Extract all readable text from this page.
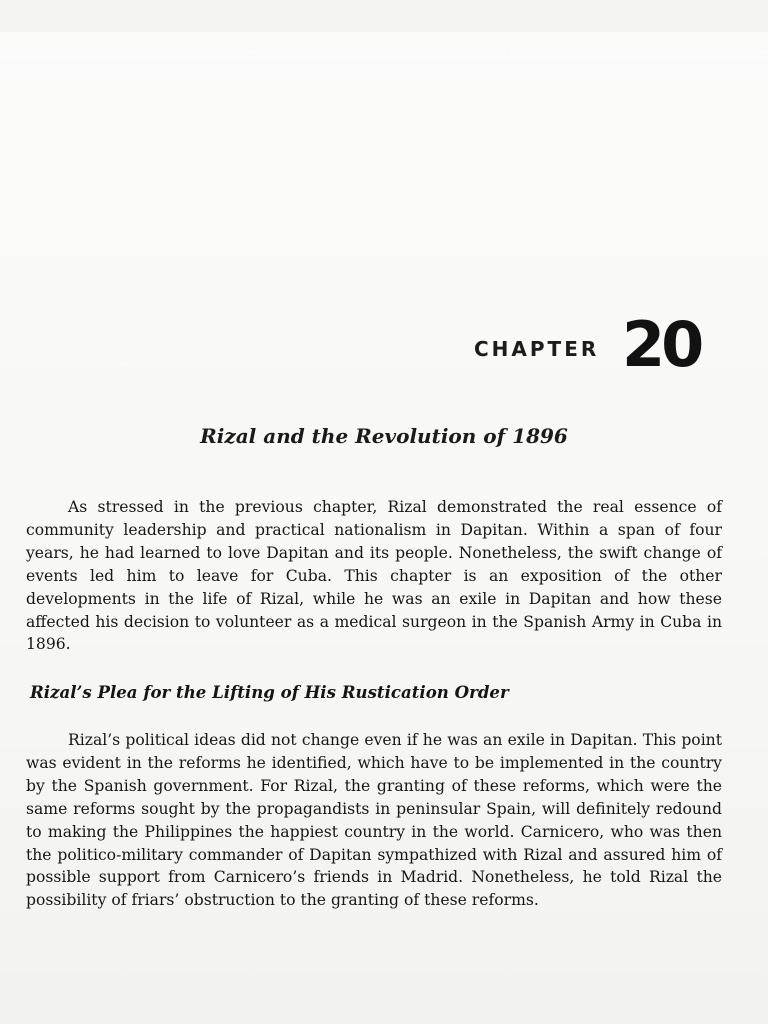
CHAPTER 20
Rizal and the Revolution of 1896

As stressed in the previous chapter, Rizal demonstrated the real essence of community leadership and practical nationalism in Dapitan. Within a span of four years, he had learned to love Dapitan and its people. Nonetheless, the swift change of events led him to leave for Cuba. This chapter is an exposition of the other developments in the life of Rizal, while he was an exile in Dapitan and how these affected his decision to volunteer as a medical surgeon in the Spanish Army in Cuba in 1896.

Rizal’s Plea for the Lifting of His Rustication Order

Rizal’s political ideas did not change even if he was an exile in Dapitan. This point was evident in the reforms he identified, which have to be implemented in the country by the Spanish government. For Rizal, the granting of these reforms, which were the same reforms sought by the propagandists in peninsular Spain, will definitely redound to making the Philippines the happiest country in the world. Carnicero, who was then the politico-military commander of Dapitan sympathized with Rizal and assured him of possible support from Carnicero’s friends in Madrid. Nonetheless, he told Rizal the possibility of friars’ obstruction to the granting of these reforms.
